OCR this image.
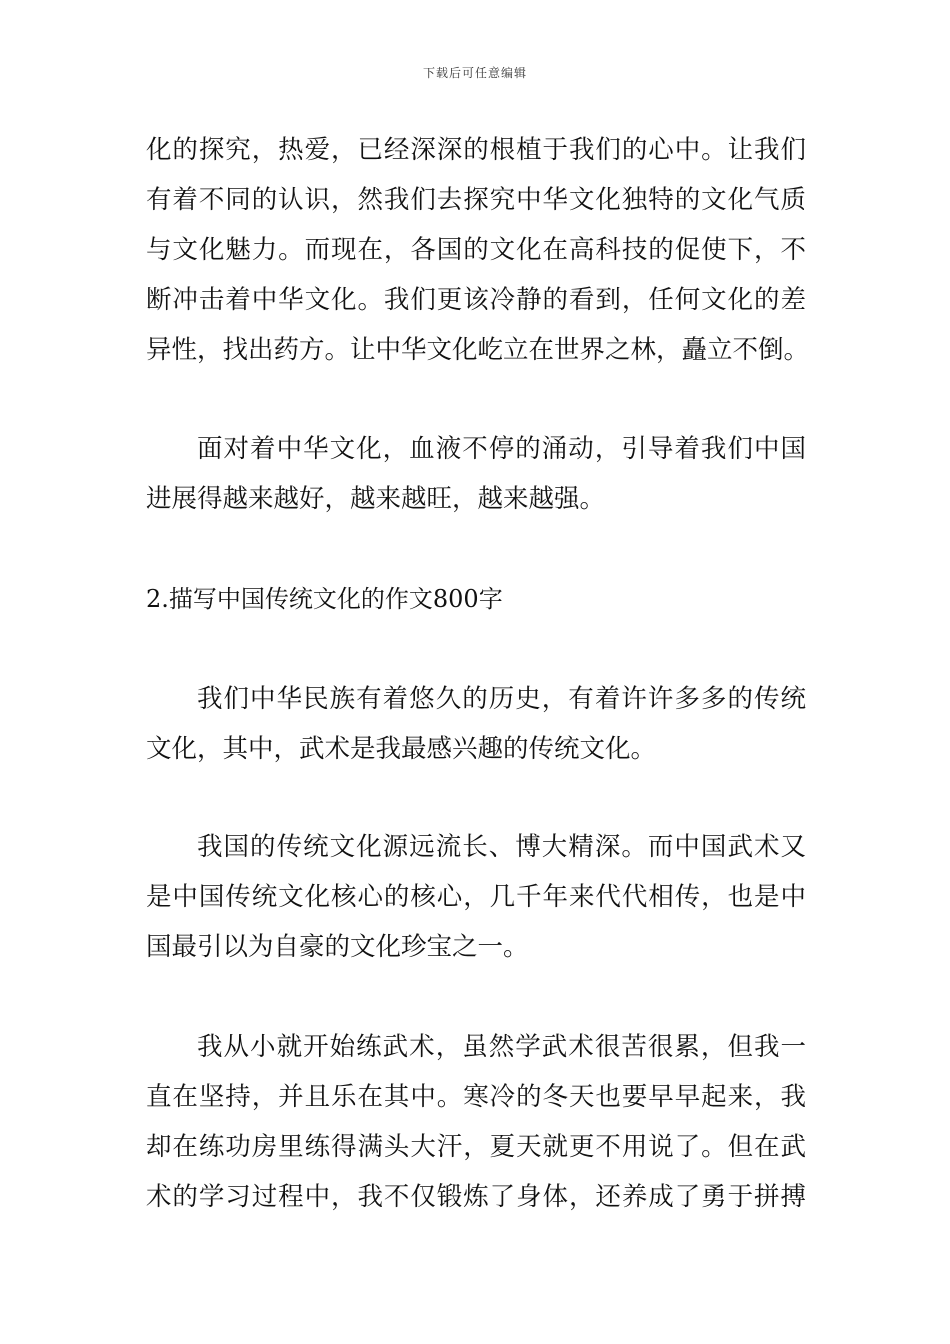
下载后可任意编辑
化的探究，热爱，已经深深的根植于我们的心中。让我们
有着不同的认识，然我们去探究中华文化独特的文化气质
与文化魅力。而现在，各国的文化在高科技的促使下，不
断冲击着中华文化。我们更该冷静的看到，任何文化的差
异性，找出药方。让中华文化屹立在世界之林，矗立不倒。
面对着中华文化，血液不停的涌动，引导着我们中国
进展得越来越好，越来越旺，越来越强。
2.描写中国传统文化的作文800字
我们中华民族有着悠久的历史，有着许许多多的传统
文化，其中，武术是我最感兴趣的传统文化。
我国的传统文化源远流长、博大精深。而中国武术又
是中国传统文化核心的核心，几千年来代代相传，也是中
国最引以为自豪的文化珍宝之一。
我从小就开始练武术，虽然学武术很苦很累，但我一
直在坚持，并且乐在其中。寒冷的冬天也要早早起来，我
却在练功房里练得满头大汗，夏天就更不用说了。但在武
术的学习过程中，我不仅锻炼了身体，还养成了勇于拼搏
